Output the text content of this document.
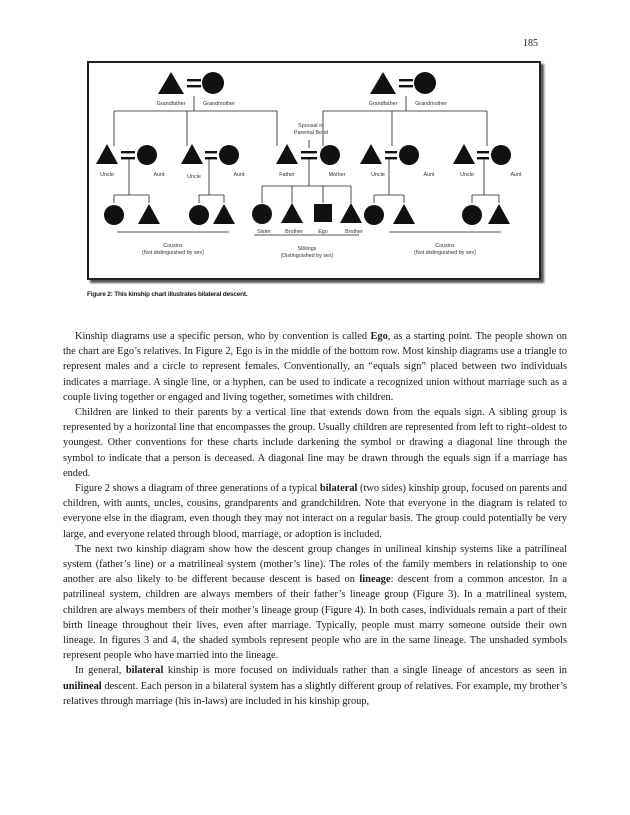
185
Grandfather	Grandmother	Grandfather	Grandmother
Spousal or
Parental Bond
Uncle	Aunt	Uncle	Aunt	Father	Mother	Uncle	Aunt	Uncle	Aunt
Sister	Brother	Ego	Brother
Cousins
(Not distinguished by sex)
Siblings
(Distinguished by sex)
Cousins
(Not distinguished by sex)
Figure 2: This kinship chart illustrates bilateral descent.

Kinship diagrams use a specific person, who by convention is called Ego, as a starting point. The people shown on the chart are Ego’s relatives. In Figure 2, Ego is in the middle of the bottom row. Most kinship diagrams use a triangle to represent males and a circle to represent females. Conventionally, an “equals sign” placed between two individuals indicates a marriage. A single line, or a hyphen, can be used to indicate a recognized union without marriage such as a couple living together or engaged and living together, sometimes with children.

Children are linked to their parents by a vertical line that extends down from the equals sign. A sibling group is represented by a horizontal line that encompasses the group. Usually children are represented from left to right–oldest to youngest. Other conventions for these charts include darkening the symbol or drawing a diagonal line through the symbol to indicate that a person is deceased. A diagonal line may be drawn through the equals sign if a marriage has ended.

Figure 2 shows a diagram of three generations of a typical bilateral (two sides) kinship group, focused on parents and children, with aunts, uncles, cousins, grandparents and grandchildren. Note that everyone in the diagram is related to everyone else in the diagram, even though they may not interact on a regular basis. The group could potentially be very large, and everyone related through blood, marriage, or adoption is included.

The next two kinship diagram show how the descent group changes in unilineal kinship systems like a patrilineal system (father’s line) or a matrilineal system (mother’s line). The roles of the family members in relationship to one another are also likely to be different because descent is based on lineage: descent from a common ancestor. In a patrilineal system, children are always members of their father’s lineage group (Figure 3). In a matrilineal system, children are always members of their mother’s lineage group (Figure 4). In both cases, individuals remain a part of their birth lineage throughout their lives, even after marriage. Typically, people must marry someone outside their own lineage. In figures 3 and 4, the shaded symbols represent people who are in the same lineage. The unshaded symbols represent people who have married into the lineage.

In general, bilateral kinship is more focused on individuals rather than a single lineage of ancestors as seen in unilineal descent. Each person in a bilateral system has a slightly different group of relatives. For example, my brother’s relatives through marriage (his in-laws) are included in his kinship group,
